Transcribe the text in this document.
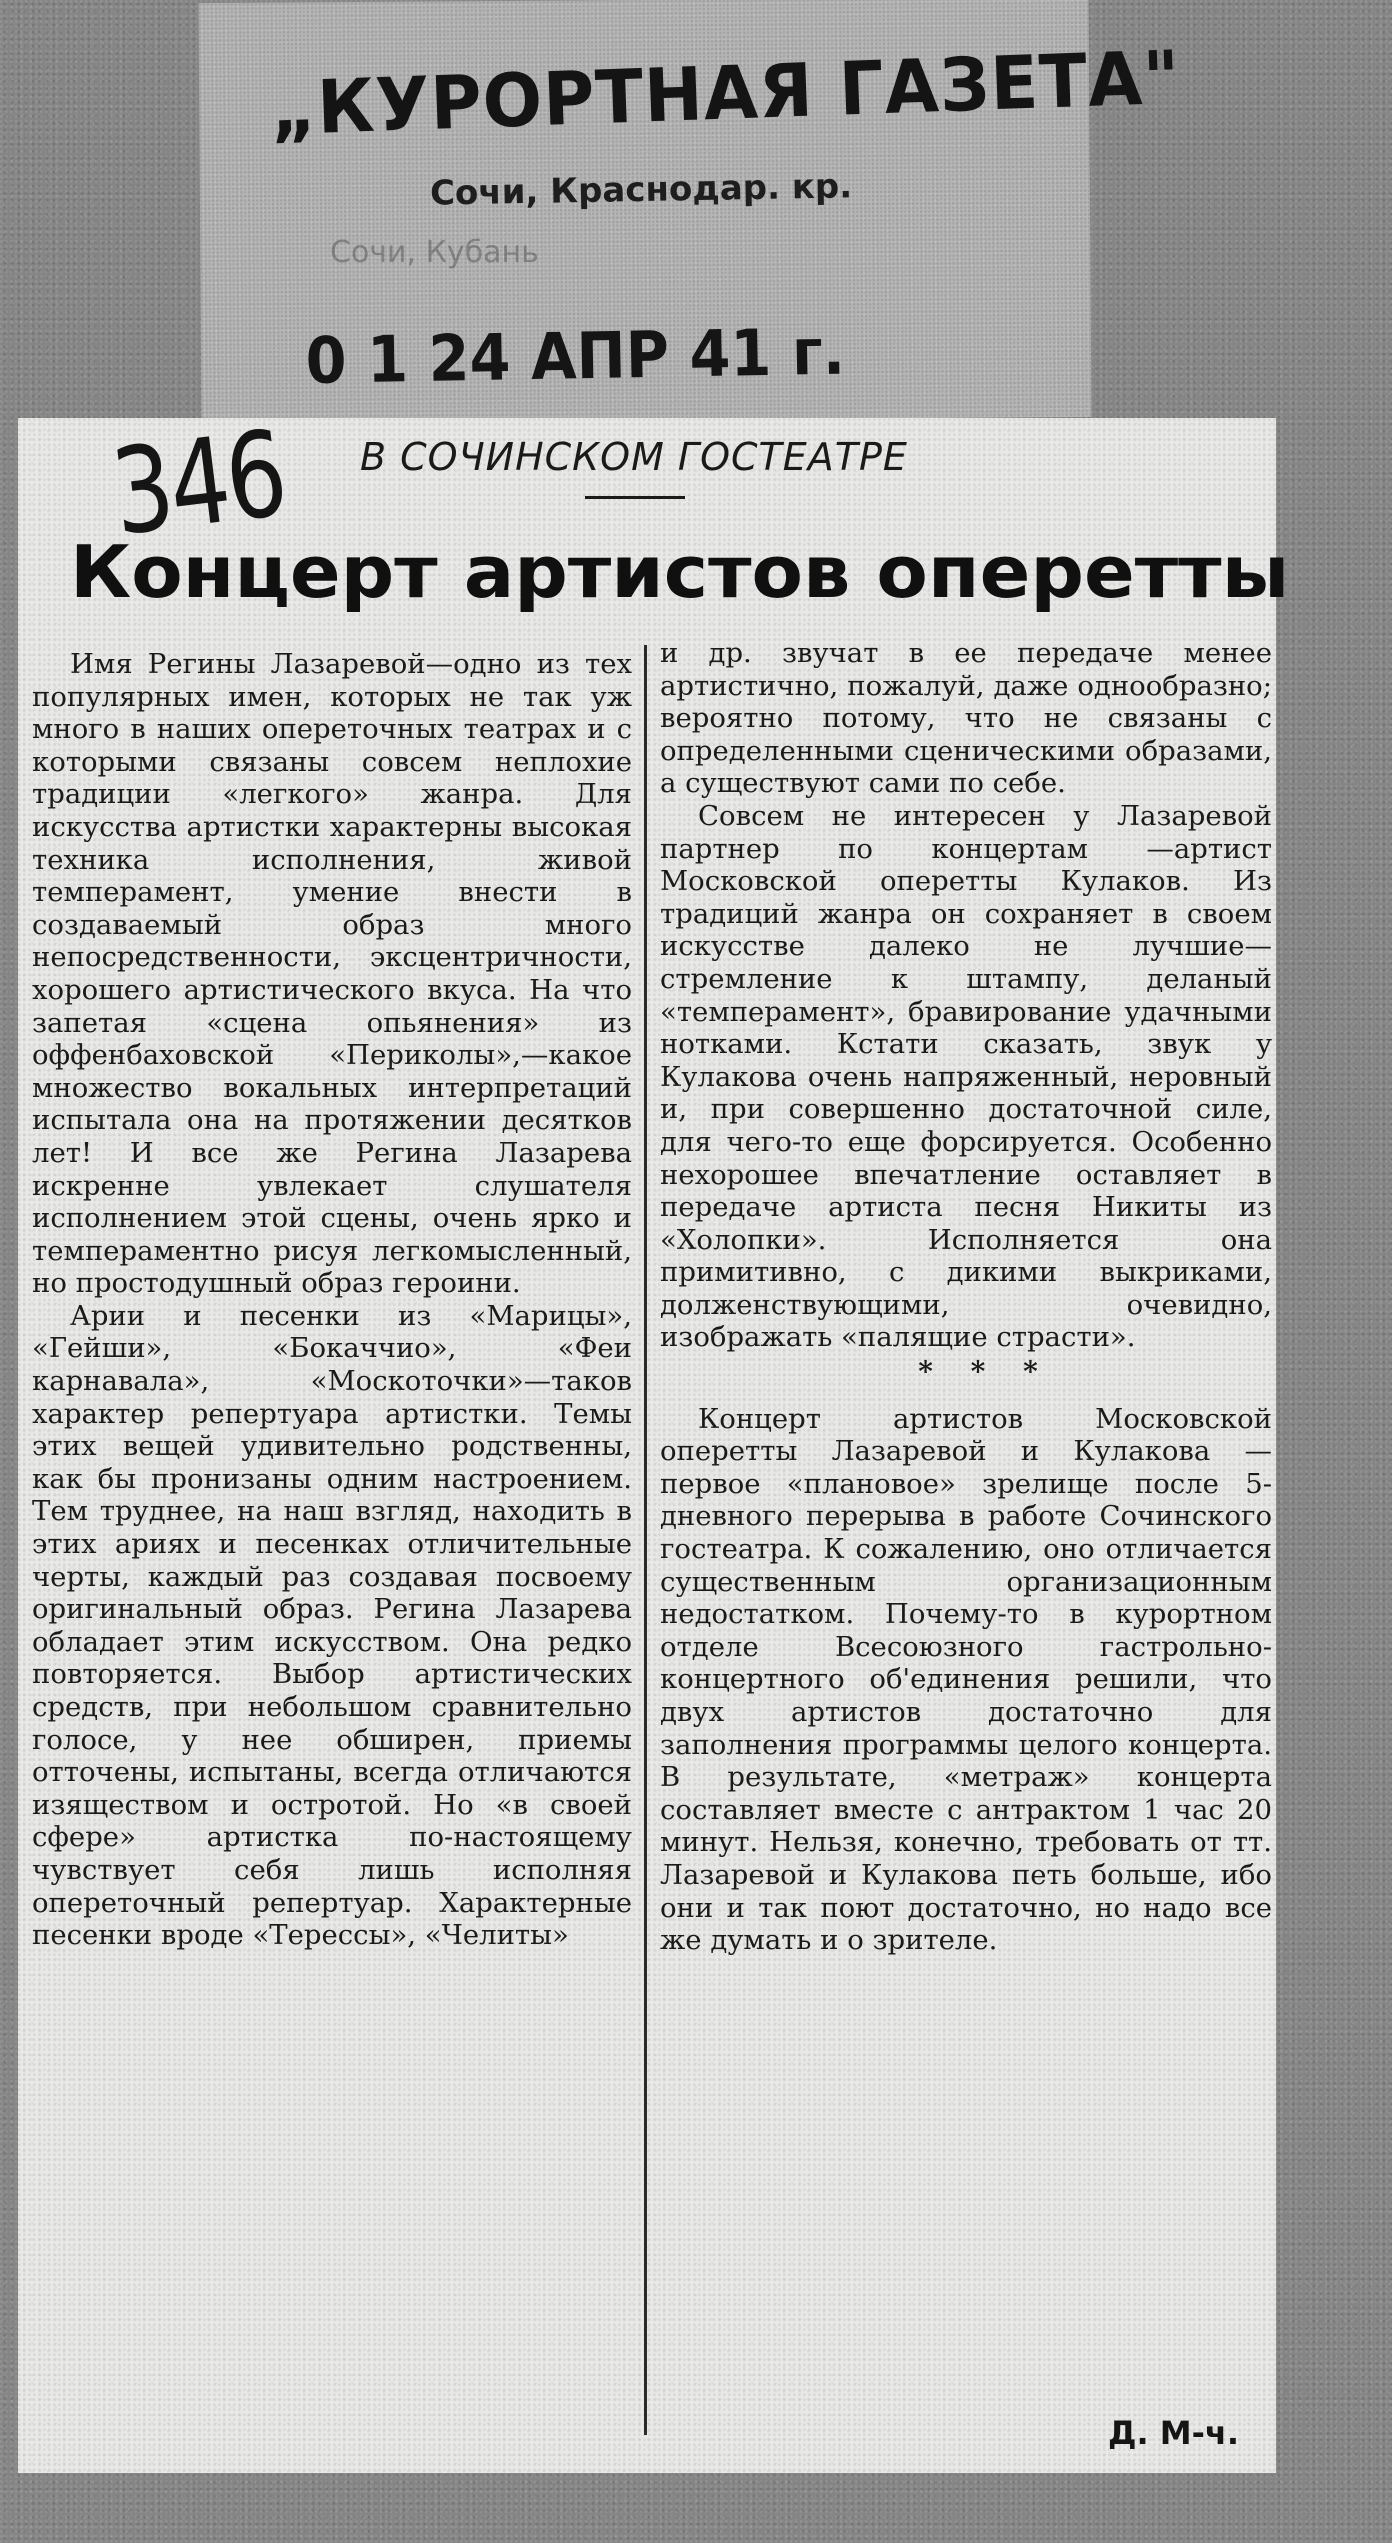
„КУРОРТНАЯ ГАЗЕТА"
Сочи, Краснодар. кр.
Сочи, Кубань
0 1 24 АПР 41 г.
В СОЧИНСКОМ ГОСТЕАТРЕ
346
Концерт артистов оперетты

Имя Регины Лазаревой—одно из тех популярных имен, которых не так уж много в наших опереточных театрах и с которыми связаны совсем неплохие традиции «легкого» жанра. Для искусства артистки характерны высокая техника исполнения, живой темперамент, умение внести в создаваемый образ много непосредственности, эксцентричности, хорошего артистического вкуса. На что запетая «сцена опьянения» из оффенбаховской «Периколы»,—какое множество вокальных интерпретаций испытала она на протяжении десятков лет! И все же Регина Лазарева искренне увлекает слушателя исполнением этой сцены, очень ярко и темпераментно рисуя легкомысленный, но простодушный образ героини.

Арии и песенки из «Марицы», «Гейши», «Бокаччио», «Феи карнавала», «Москоточки»—таков характер репертуара артистки. Темы этих вещей удивительно родственны, как бы пронизаны одним настроением. Тем труднее, на наш взгляд, находить в этих ариях и песенках отличительные черты, каждый раз создавая посвоему оригинальный образ. Регина Лазарева обладает этим искусством. Она редко повторяется. Выбор артистических средств, при небольшом сравнительно голосе, у нее обширен, приемы отточены, испытаны, всегда отличаются изяществом и остротой. Но «в своей сфере» артистка по-настоящему чувствует себя лишь исполняя опереточный репертуар. Характерные песенки вроде «Терессы», «Челиты»

и др. звучат в ее передаче менее артистично, пожалуй, даже однообразно; вероятно потому, что не связаны с определенными сценическими образами, а существуют сами по себе.

Совсем не интересен у Лазаревой партнер по концертам —артист Московской оперетты Кулаков. Из традиций жанра он сохраняет в своем искусстве далеко не лучшие— стремление к штампу, деланый «темперамент», бравирование удачными нотками. Кстати сказать, звук у Кулакова очень напряженный, неровный и, при совершенно достаточной силе, для чего-то еще форсируется. Особенно нехорошее впечатление оставляет в передаче артиста песня Никиты из «Холопки». Исполняется она примитивно, с дикими выкриками, долженствующими, очевидно, изображать «палящие страсти».

* * *

Концерт артистов Московской оперетты Лазаревой и Кулакова — первое «плановое» зрелище после 5-дневного перерыва в работе Сочинского гостеатра. К сожалению, оно отличается существенным организационным недостатком. Почему-то в курортном отделе Всесоюзного гастрольно-концертного об'единения решили, что двух артистов достаточно для заполнения программы целого концерта. В результате, «метраж» концерта составляет вместе с антрактом 1 час 20 минут. Нельзя, конечно, требовать от тт. Лазаревой и Кулакова петь больше, ибо они и так поют достаточно, но надо все же думать и о зрителе.

Д. М-ч.
